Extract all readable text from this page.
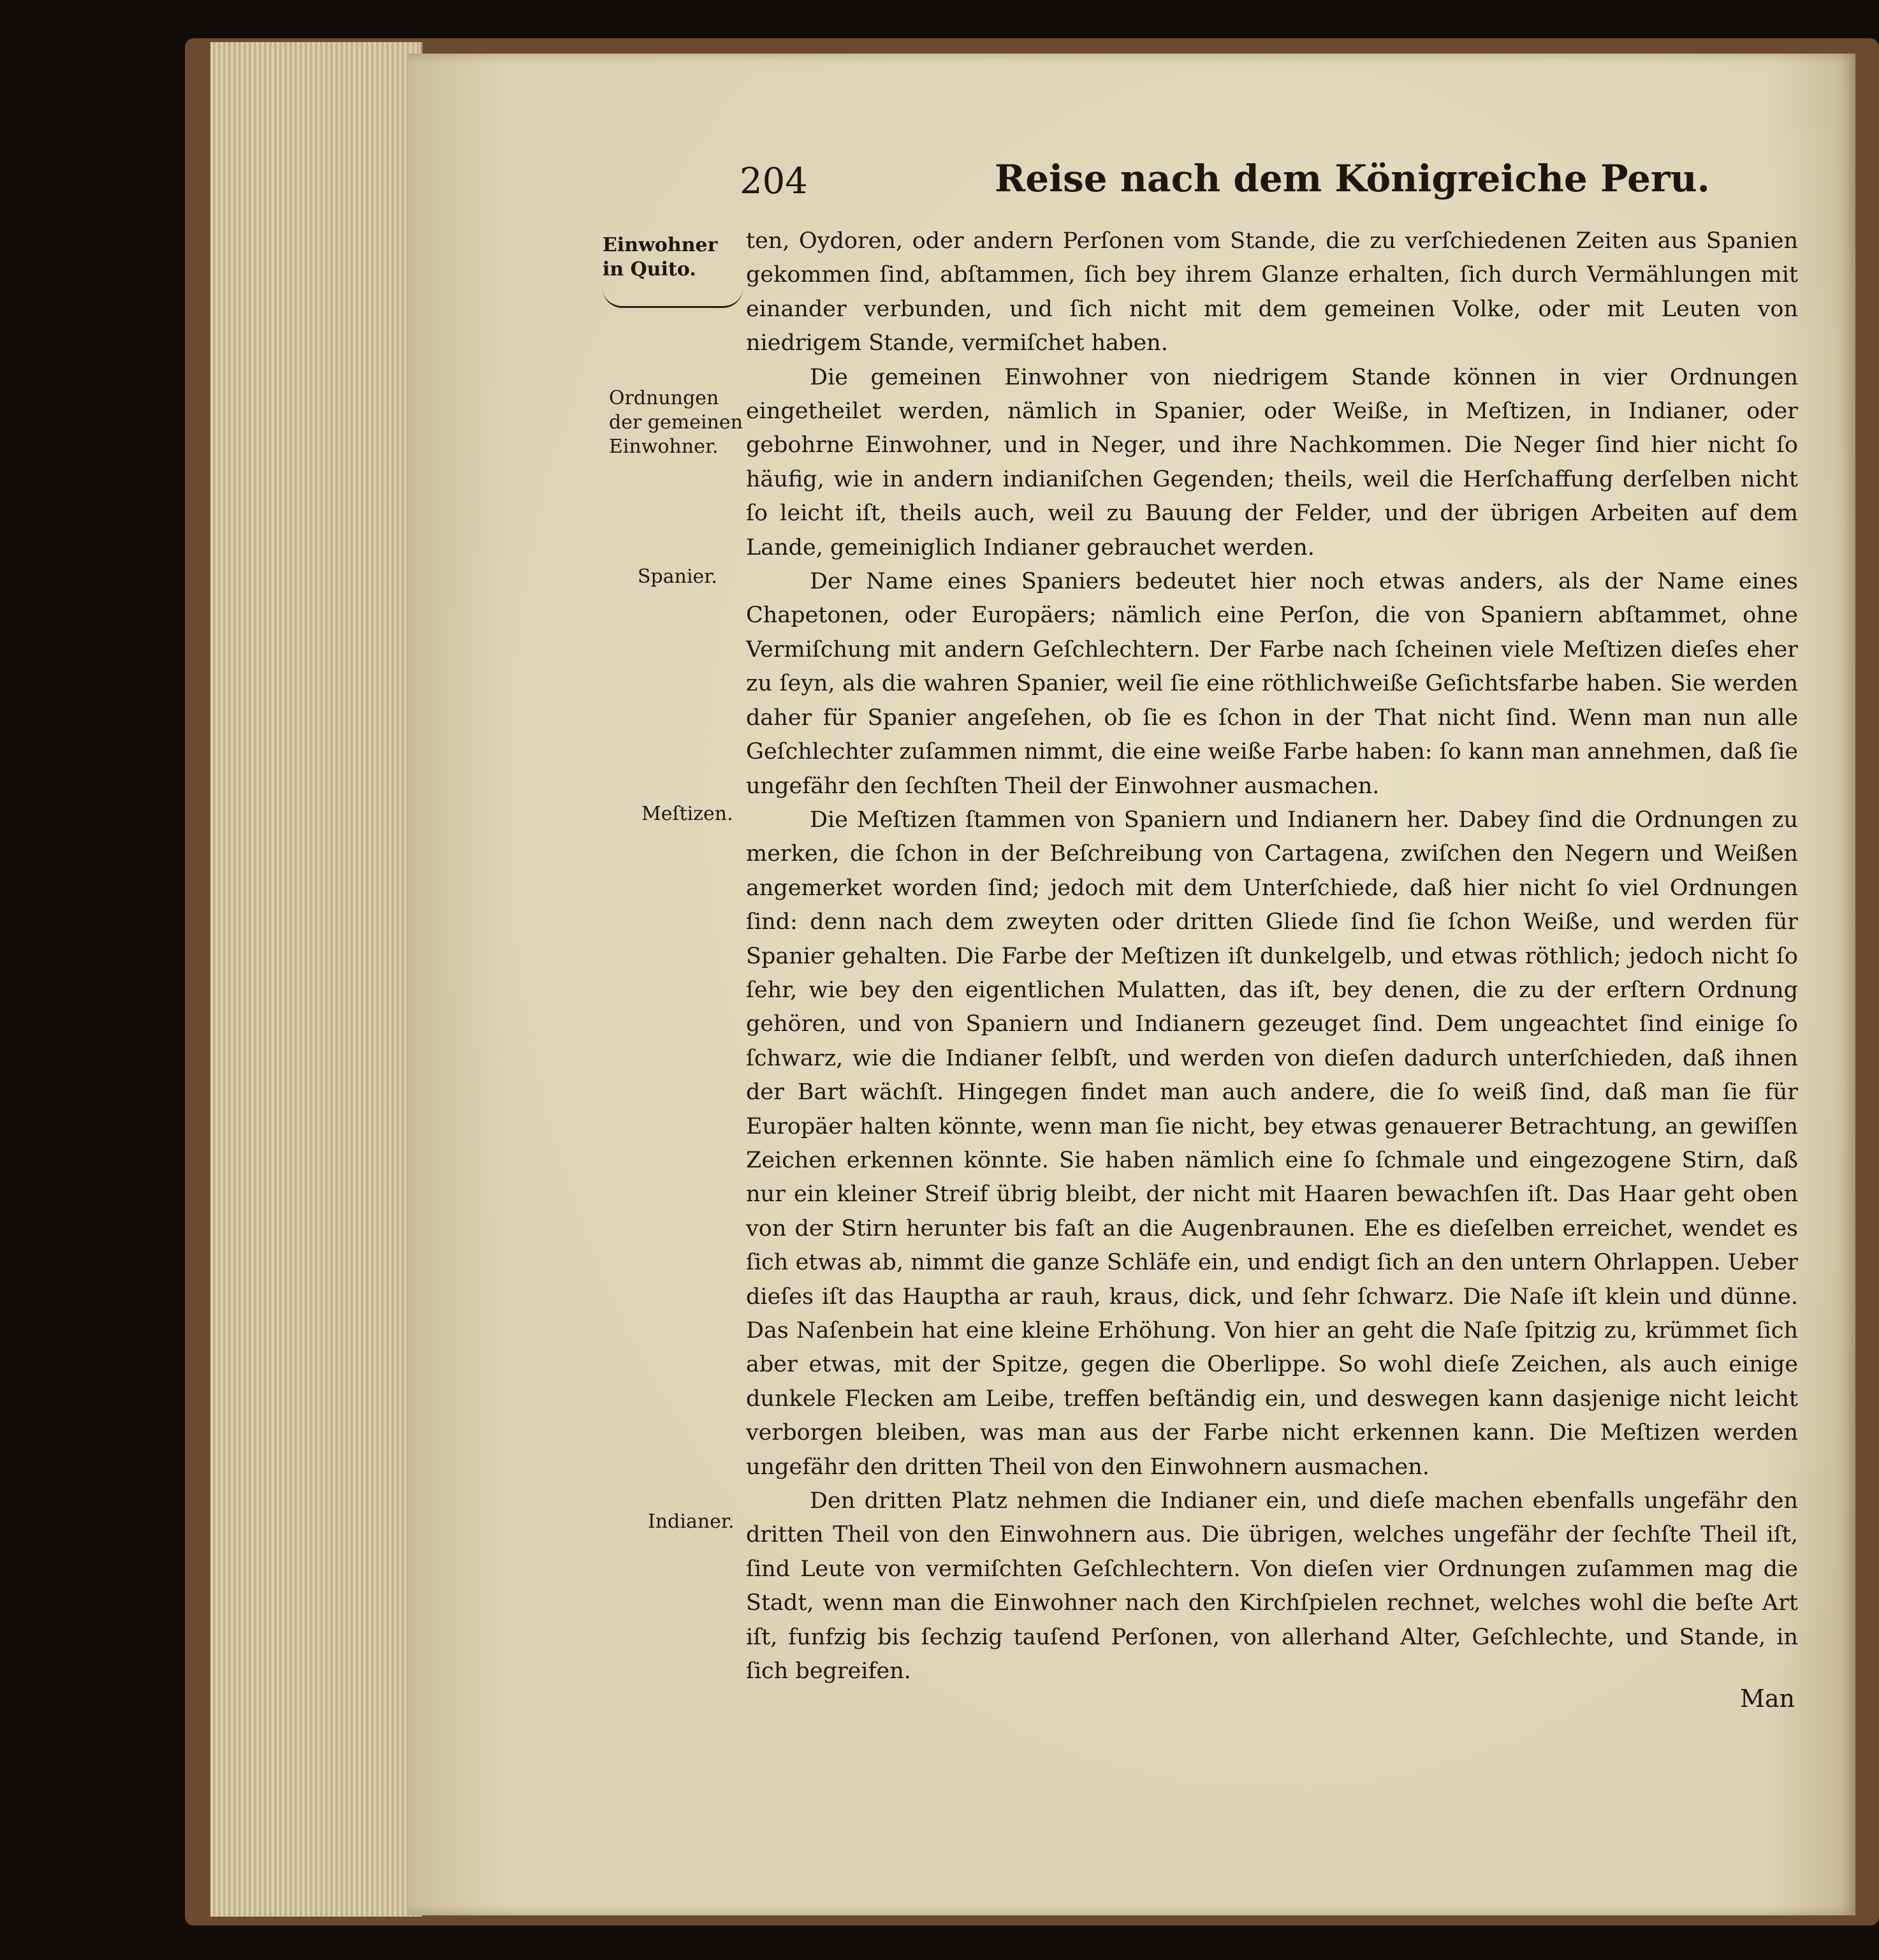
204	Reise nach dem Königreiche Peru.
Einwohner
in Quito.
Ordnungen
der gemeinen
Einwohner.
Spanier.
Meſtizen.
Indianer.

ten, Oydoren, oder andern Perſonen vom Stande, die zu verſchiedenen Zeiten aus Spanien gekommen ſind, abſtammen, ſich bey ihrem Glanze erhalten, ſich durch Vermählungen mit einander verbunden, und ſich nicht mit dem gemeinen Volke, oder mit Leuten von niedrigem Stande, vermiſchet haben.

Die gemeinen Einwohner von niedrigem Stande können in vier Ordnungen eingetheilet werden, nämlich in Spanier, oder Weiße, in Meſtizen, in Indianer, oder gebohrne Einwohner, und in Neger, und ihre Nachkommen. Die Neger ſind hier nicht ſo häufig, wie in andern indianiſchen Gegenden; theils, weil die Herſchaffung derſelben nicht ſo leicht iſt, theils auch, weil zu Bauung der Felder, und der übrigen Arbeiten auf dem Lande, gemeiniglich Indianer gebrauchet werden.

Der Name eines Spaniers bedeutet hier noch etwas anders, als der Name eines Chapetonen, oder Europäers; nämlich eine Perſon, die von Spaniern abſtammet, ohne Vermiſchung mit andern Geſchlechtern. Der Farbe nach ſcheinen viele Meſtizen dieſes eher zu ſeyn, als die wahren Spanier, weil ſie eine röthlichweiße Geſichtsfarbe haben. Sie werden daher für Spanier angeſehen, ob ſie es ſchon in der That nicht ſind. Wenn man nun alle Geſchlechter zuſammen nimmt, die eine weiße Farbe haben: ſo kann man annehmen, daß ſie ungefähr den ſechſten Theil der Einwohner ausmachen.

Die Meſtizen ſtammen von Spaniern und Indianern her. Dabey ſind die Ordnungen zu merken, die ſchon in der Beſchreibung von Cartagena, zwiſchen den Negern und Weißen angemerket worden ſind; jedoch mit dem Unterſchiede, daß hier nicht ſo viel Ordnungen ſind: denn nach dem zweyten oder dritten Gliede ſind ſie ſchon Weiße, und werden für Spanier gehalten. Die Farbe der Meſtizen iſt dunkelgelb, und etwas röthlich; jedoch nicht ſo ſehr, wie bey den eigentlichen Mulatten, das iſt, bey denen, die zu der erſtern Ordnung gehören, und von Spaniern und Indianern gezeuget ſind. Dem ungeachtet ſind einige ſo ſchwarz, wie die Indianer ſelbſt, und werden von dieſen dadurch unterſchieden, daß ihnen der Bart wächſt. Hingegen findet man auch andere, die ſo weiß ſind, daß man ſie für Europäer halten könnte, wenn man ſie nicht, bey etwas genauerer Betrachtung, an gewiſſen Zeichen erkennen könnte. Sie haben nämlich eine ſo ſchmale und eingezogene Stirn, daß nur ein kleiner Streif übrig bleibt, der nicht mit Haaren bewachſen iſt. Das Haar geht oben von der Stirn herunter bis faſt an die Augenbraunen. Ehe es dieſelben erreichet, wendet es ſich etwas ab, nimmt die ganze Schläfe ein, und endigt ſich an den untern Ohrlappen. Ueber dieſes iſt das Hauptha ar rauh, kraus, dick, und ſehr ſchwarz. Die Naſe iſt klein und dünne. Das Naſenbein hat eine kleine Erhöhung. Von hier an geht die Naſe ſpitzig zu, krümmet ſich aber etwas, mit der Spitze, gegen die Oberlippe. So wohl dieſe Zeichen, als auch einige dunkele Flecken am Leibe, treffen beſtändig ein, und deswegen kann dasjenige nicht leicht verborgen bleiben, was man aus der Farbe nicht erkennen kann. Die Meſtizen werden ungefähr den dritten Theil von den Einwohnern ausmachen.

Den dritten Platz nehmen die Indianer ein, und dieſe machen ebenfalls ungefähr den dritten Theil von den Einwohnern aus. Die übrigen, welches ungefähr der ſechſte Theil iſt, ſind Leute von vermiſchten Geſchlechtern. Von dieſen vier Ordnungen zuſammen mag die Stadt, wenn man die Einwohner nach den Kirchſpielen rechnet, welches wohl die beſte Art iſt, funfzig bis ſechzig tauſend Perſonen, von allerhand Alter, Geſchlechte, und Stande, in ſich begreifen.

Man
